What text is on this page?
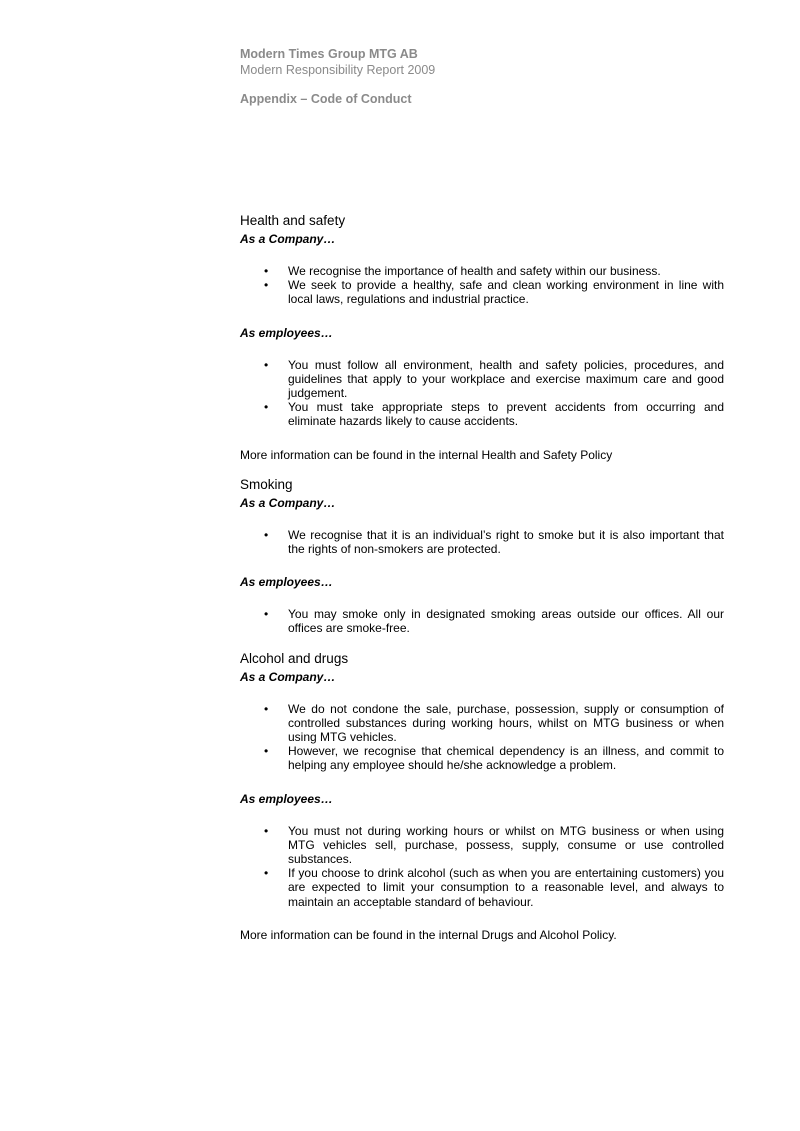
Modern Times Group MTG AB
Modern Responsibility Report 2009
Appendix – Code of Conduct
Health and safety
As a Company…
• We recognise the importance of health and safety within our business.
• We seek to provide a healthy, safe and clean working environment in line with local laws, regulations and industrial practice.
As employees…
• You must follow all environment, health and safety policies, procedures, and guidelines that apply to your workplace and exercise maximum care and good judgement.
• You must take appropriate steps to prevent accidents from occurring and eliminate hazards likely to cause accidents.

More information can be found in the internal Health and Safety Policy

Smoking
As a Company…
• We recognise that it is an individual’s right to smoke but it is also important that the rights of non-smokers are protected.
As employees…
• You may smoke only in designated smoking areas outside our offices. All our offices are smoke-free.
Alcohol and drugs
As a Company…
• We do not condone the sale, purchase, possession, supply or consumption of controlled substances during working hours, whilst on MTG business or when using MTG vehicles.
• However, we recognise that chemical dependency is an illness, and commit to helping any employee should he/she acknowledge a problem.
As employees…
• You must not during working hours or whilst on MTG business or when using MTG vehicles sell, purchase, possess, supply, consume or use controlled substances.
• If you choose to drink alcohol (such as when you are entertaining customers) you are expected to limit your consumption to a reasonable level, and always to maintain an acceptable standard of behaviour.

More information can be found in the internal Drugs and Alcohol Policy.
